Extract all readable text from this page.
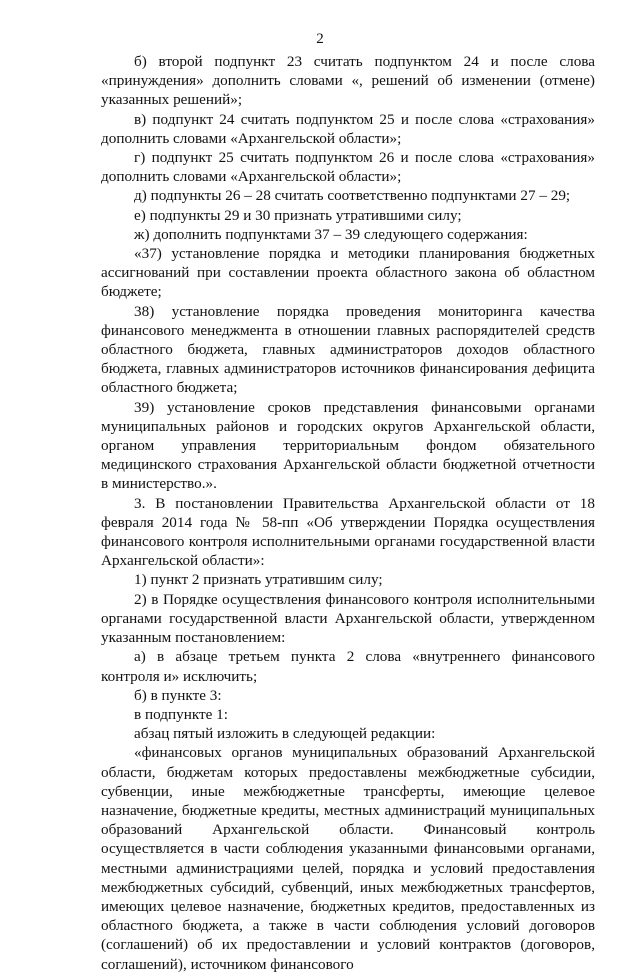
2

б) второй подпункт 23 считать подпунктом 24 и после слова «принуждения» дополнить словами «, решений об изменении (отмене) указанных решений»;

в) подпункт 24 считать подпунктом 25 и после слова «страхования» дополнить словами «Архангельской области»;

г) подпункт 25 считать подпунктом 26 и после слова «страхования» дополнить словами «Архангельской области»;

д) подпункты 26 – 28 считать соответственно подпунктами 27 – 29;

е) подпункты 29 и 30 признать утратившими силу;

ж) дополнить подпунктами 37 – 39 следующего содержания:

«37) установление порядка и методики планирования бюджетных ассигнований при составлении проекта областного закона об областном бюджете;

38) установление порядка проведения мониторинга качества финансового менеджмента в отношении главных распорядителей средств областного бюджета, главных администраторов доходов областного бюджета, главных администраторов источников финансирования дефицита областного бюджета;

39) установление сроков представления финансовыми органами муниципальных районов и городских округов Архангельской области, органом управления территориальным фондом обязательного медицинского страхования Архангельской области бюджетной отчетности в министерство.».

3. В постановлении Правительства Архангельской области от 18 февраля 2014 года № 58-пп «Об утверждении Порядка осуществления финансового контроля исполнительными органами государственной власти Архангельской области»:

1) пункт 2 признать утратившим силу;

2) в Порядке осуществления финансового контроля исполнительными органами государственной власти Архангельской области, утвержденном указанным постановлением:

а) в абзаце третьем пункта 2 слова «внутреннего финансового контроля и» исключить;

б) в пункте 3:

в подпункте 1:

абзац пятый изложить в следующей редакции:

«финансовых органов муниципальных образований Архангельской области, бюджетам которых предоставлены межбюджетные субсидии, субвенции, иные межбюджетные трансферты, имеющие целевое назначение, бюджетные кредиты, местных администраций муниципальных образований Архангельской области. Финансовый контроль осуществляется в части соблюдения указанными финансовыми органами, местными администрациями целей, порядка и условий предоставления межбюджетных субсидий, субвенций, иных межбюджетных трансфертов, имеющих целевое назначение, бюджетных кредитов, предоставленных из областного бюджета, а также в части соблюдения условий договоров (соглашений) об их предоставлении и условий контрактов (договоров, соглашений), источником финансового
